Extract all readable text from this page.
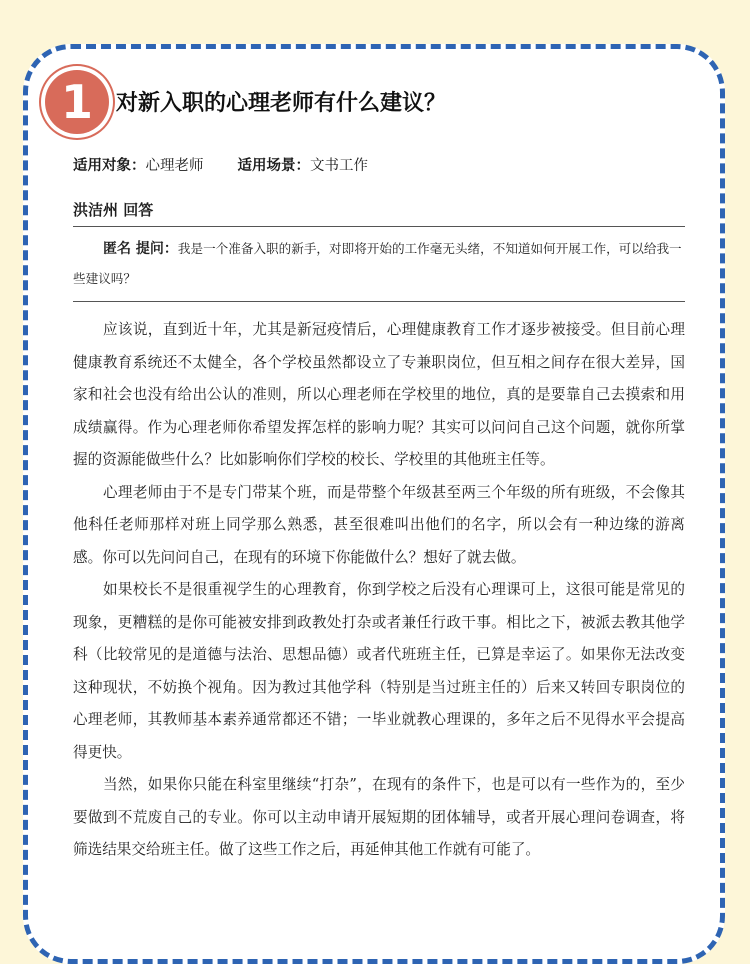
1 对新入职的心理老师有什么建议？
适用对象：心理老师 适用场景：文书工作
洪洁州 回答
匿名 提问：我是一个准备入职的新手，对即将开始的工作毫无头绪，不知道如何开展工作，可以给我一些建议吗？

应该说，直到近十年，尤其是新冠疫情后，心理健康教育工作才逐步被接受。但目前心理健康教育系统还不太健全，各个学校虽然都设立了专兼职岗位，但互相之间存在很大差异，国家和社会也没有给出公认的准则，所以心理老师在学校里的地位，真的是要靠自己去摸索和用成绩赢得。作为心理老师你希望发挥怎样的影响力呢？其实可以问问自己这个问题，就你所掌握的资源能做些什么？比如影响你们学校的校长、学校里的其他班主任等。

心理老师由于不是专门带某个班，而是带整个年级甚至两三个年级的所有班级，不会像其他科任老师那样对班上同学那么熟悉，甚至很难叫出他们的名字，所以会有一种边缘的游离感。你可以先问问自己，在现有的环境下你能做什么？想好了就去做。

如果校长不是很重视学生的心理教育，你到学校之后没有心理课可上，这很可能是常见的现象，更糟糕的是你可能被安排到政教处打杂或者兼任行政干事。相比之下，被派去教其他学科（比较常见的是道德与法治、思想品德）或者代班班主任，已算是幸运了。如果你无法改变这种现状，不妨换个视角。因为教过其他学科（特别是当过班主任的）后来又转回专职岗位的心理老师，其教师基本素养通常都还不错；一毕业就教心理课的，多年之后不见得水平会提高得更快。

当然，如果你只能在科室里继续“打杂”，在现有的条件下，也是可以有一些作为的，至少要做到不荒废自己的专业。你可以主动申请开展短期的团体辅导，或者开展心理问卷调查，将筛选结果交给班主任。做了这些工作之后，再延伸其他工作就有可能了。
